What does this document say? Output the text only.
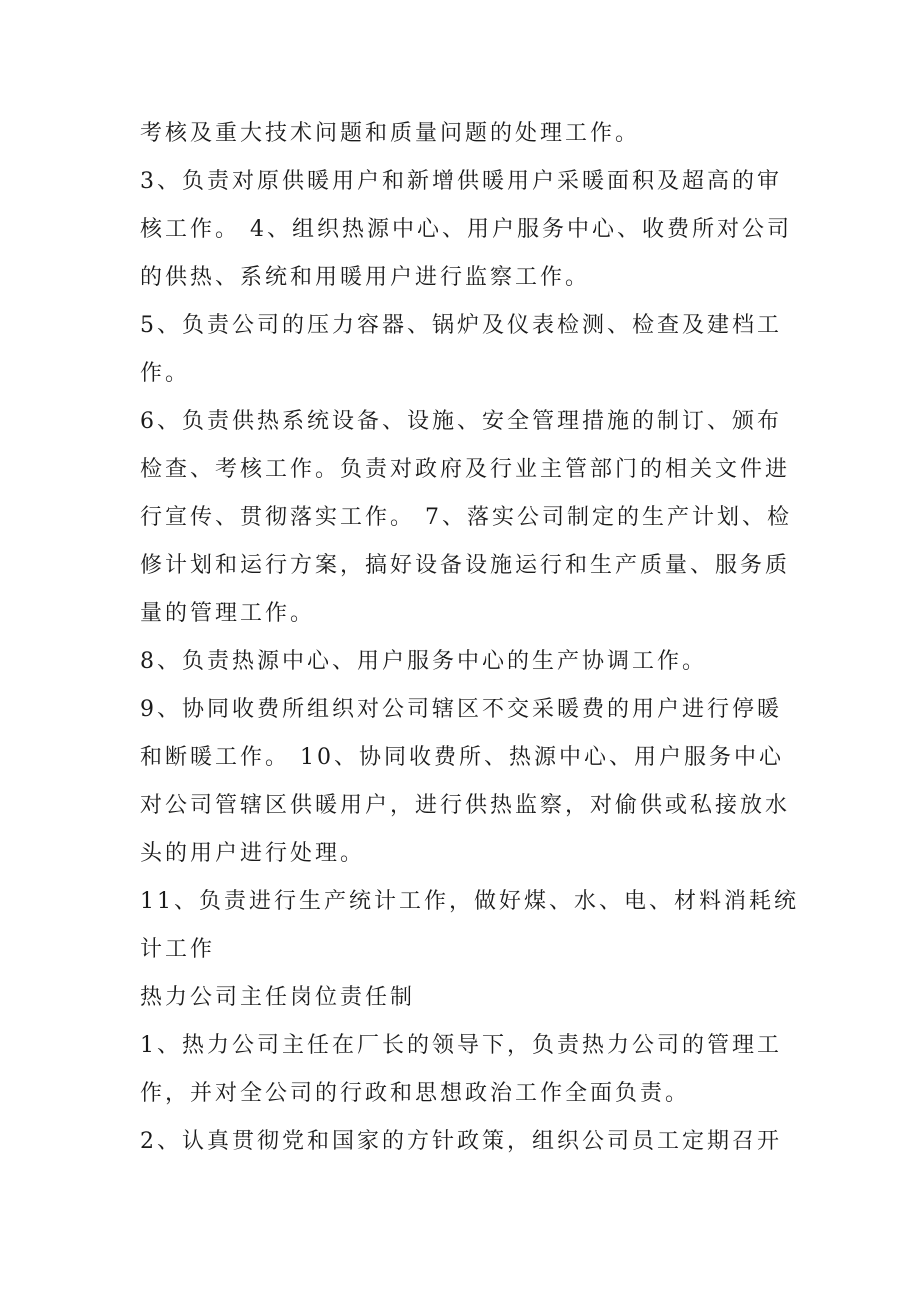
考核及重大技术问题和质量问题的处理工作。
3、负责对原供暖用户和新增供暖用户采暖面积及超高的审
核工作。 4、组织热源中心、用户服务中心、收费所对公司
的供热、系统和用暖用户进行监察工作。
5、负责公司的压力容器、锅炉及仪表检测、检查及建档工
作。
6、负责供热系统设备、设施、安全管理措施的制订、颁布
检查、考核工作。负责对政府及行业主管部门的相关文件进
行宣传、贯彻落实工作。 7、落实公司制定的生产计划、检
修计划和运行方案，搞好设备设施运行和生产质量、服务质
量的管理工作。
8、负责热源中心、用户服务中心的生产协调工作。
9、协同收费所组织对公司辖区不交采暖费的用户进行停暖
和断暖工作。 10、协同收费所、热源中心、用户服务中心
对公司管辖区供暖用户，进行供热监察，对偷供或私接放水
头的用户进行处理。
11、负责进行生产统计工作，做好煤、水、电、材料消耗统
计工作
热力公司主任岗位责任制
1、热力公司主任在厂长的领导下，负责热力公司的管理工
作，并对全公司的行政和思想政治工作全面负责。
2、认真贯彻党和国家的方针政策，组织公司员工定期召开
